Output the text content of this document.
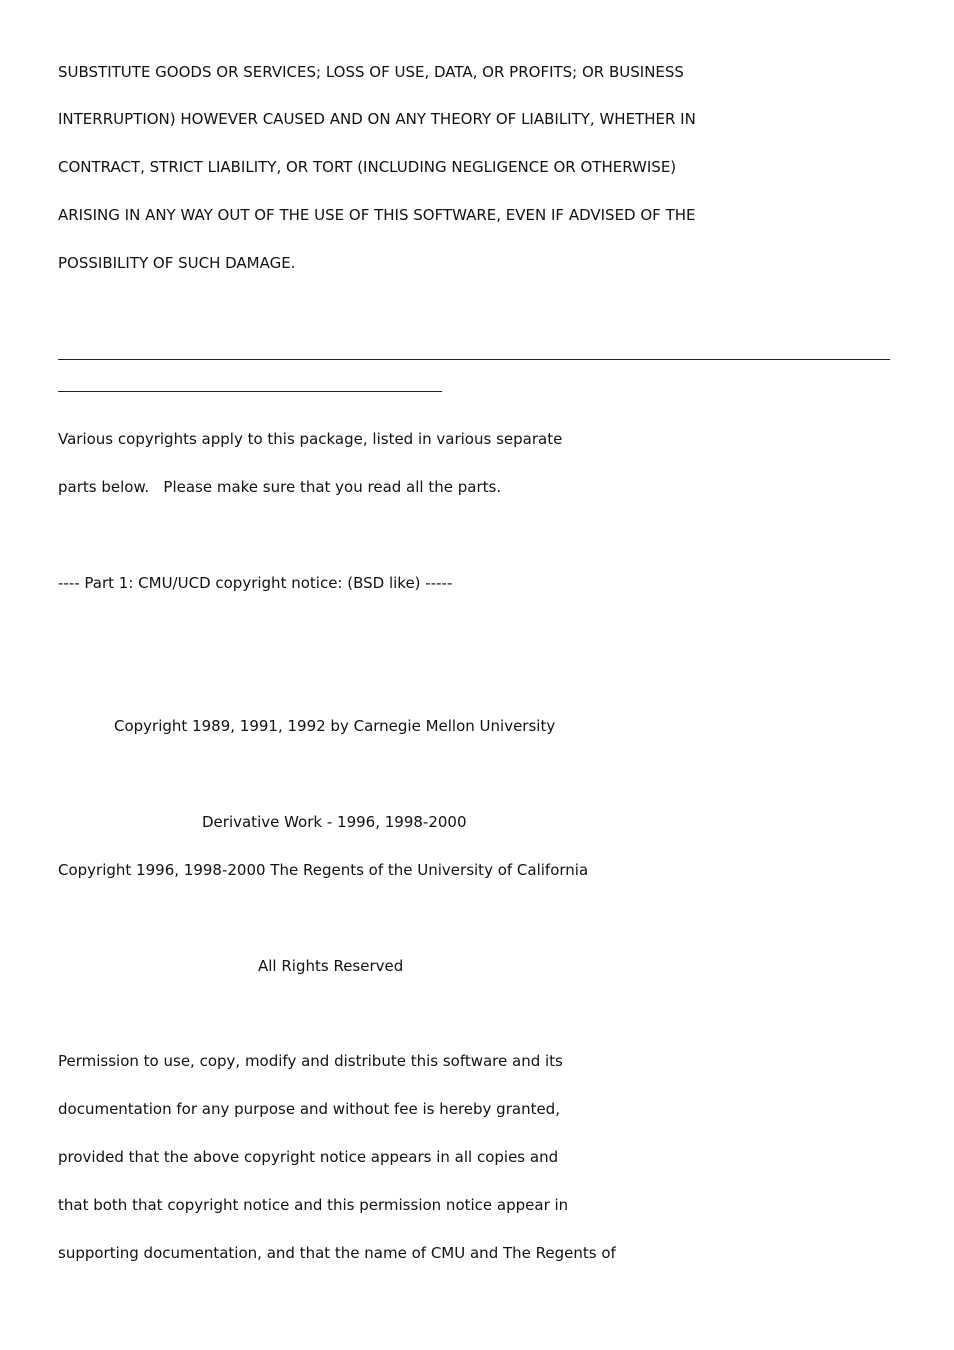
SUBSTITUTE GOODS OR SERVICES; LOSS OF USE, DATA, OR PROFITS; OR BUSINESS
INTERRUPTION) HOWEVER CAUSED AND ON ANY THEORY OF LIABILITY, WHETHER IN
CONTRACT, STRICT LIABILITY, OR TORT (INCLUDING NEGLIGENCE OR OTHERWISE)
ARISING IN ANY WAY OUT OF THE USE OF THIS SOFTWARE, EVEN IF ADVISED OF THE
POSSIBILITY OF SUCH DAMAGE.
Various copyrights apply to this package, listed in various separate
parts below.   Please make sure that you read all the parts.
---- Part 1: CMU/UCD copyright notice: (BSD like) -----
Copyright 1989, 1991, 1992 by Carnegie Mellon University
Derivative Work - 1996, 1998-2000
Copyright 1996, 1998-2000 The Regents of the University of California
All Rights Reserved
Permission to use, copy, modify and distribute this software and its
documentation for any purpose and without fee is hereby granted,
provided that the above copyright notice appears in all copies and
that both that copyright notice and this permission notice appear in
supporting documentation, and that the name of CMU and The Regents of
